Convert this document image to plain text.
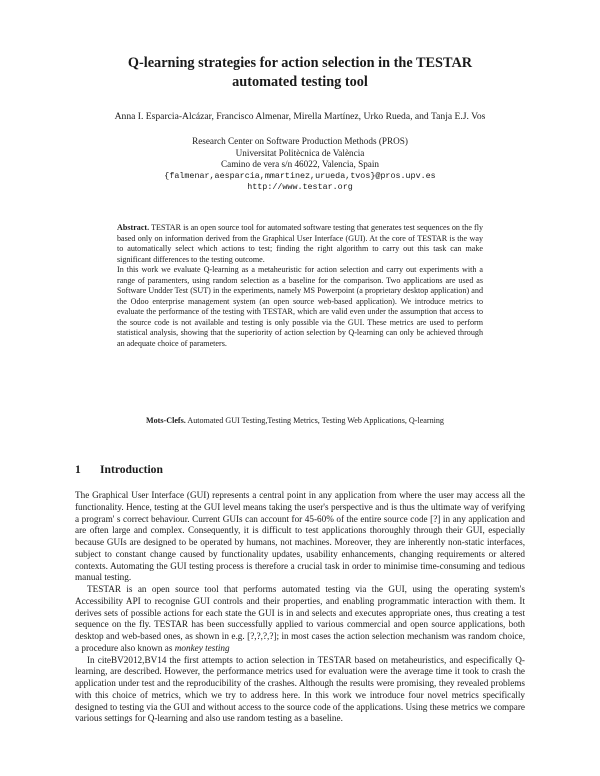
Q-learning strategies for action selection in the TESTAR
automated testing tool
Anna I. Esparcia-Alcázar, Francisco Almenar, Mirella Martínez, Urko Rueda, and Tanja E.J. Vos
Research Center on Software Production Methods (PROS)
Universitat Politècnica de València
Camino de vera s/n 46022, Valencia, Spain
{falmenar,aesparcia,mmartinez,urueda,tvos}@pros.upv.es
http://www.testar.org

Abstract. TESTAR is an open source tool for automated software testing that generates test sequences on the fly based only on information derived from the Graphical User Interface (GUI). At the core of TESTAR is the way to automatically select which actions to test; finding the right algorithm to carry out this task can make significant differences to the testing outcome.

In this work we evaluate Q-learning as a metaheuristic for action selection and carry out experiments with a range of paramenters, using random selection as a baseline for the comparison. Two applications are used as Software Undder Test (SUT) in the experiments, namely MS Powerpoint (a proprietary desktop application) and the Odoo enterprise management system (an open source web-based application). We introduce metrics to evaluate the performance of the testing with TESTAR, which are valid even under the assumption that access to the source code is not available and testing is only possible via the GUI. These metrics are used to perform statistical analysis, showing that the superiority of action selection by Q-learning can only be achieved through an adequate choice of parameters.

Mots-Clefs. Automated GUI Testing,Testing Metrics, Testing Web Applications, Q-learning
1 Introduction

The Graphical User Interface (GUI) represents a central point in any application from where the user may access all the functionality. Hence, testing at the GUI level means taking the user's perspective and is thus the ultimate way of verifying a program' s correct behaviour. Current GUIs can account for 45-60% of the entire source code [?] in any application and are often large and complex. Consequently, it is difficult to test applications thoroughly through their GUI, especially because GUIs are designed to be operated by humans, not machines. Moreover, they are inherently non-static interfaces, subject to constant change caused by functionality updates, usability enhancements, changing requirements or altered contexts. Automating the GUI testing process is therefore a crucial task in order to minimise time-consuming and tedious manual testing.

TESTAR is an open source tool that performs automated testing via the GUI, using the operating system's Accessibility API to recognise GUI controls and their properties, and enabling programmatic interaction with them. It derives sets of possible actions for each state the GUI is in and selects and executes appropriate ones, thus creating a test sequence on the fly. TESTAR has been successfully applied to various commercial and open source applications, both desktop and web-based ones, as shown in e.g. [?,?,?,?]; in most cases the action selection mechanism was random choice, a procedure also known as monkey testing

In citeBV2012,BV14 the first attempts to action selection in TESTAR based on metaheuristics, and especifically Q-learning, are described. However, the performance metrics used for evaluation were the average time it took to crash the application under test and the reproducibility of the crashes. Although the results were promising, they revealed problems with this choice of metrics, which we try to address here. In this work we introduce four novel metrics specifically designed to testing via the GUI and without access to the source code of the applications. Using these metrics we compare various settings for Q-learning and also use random testing as a baseline.
